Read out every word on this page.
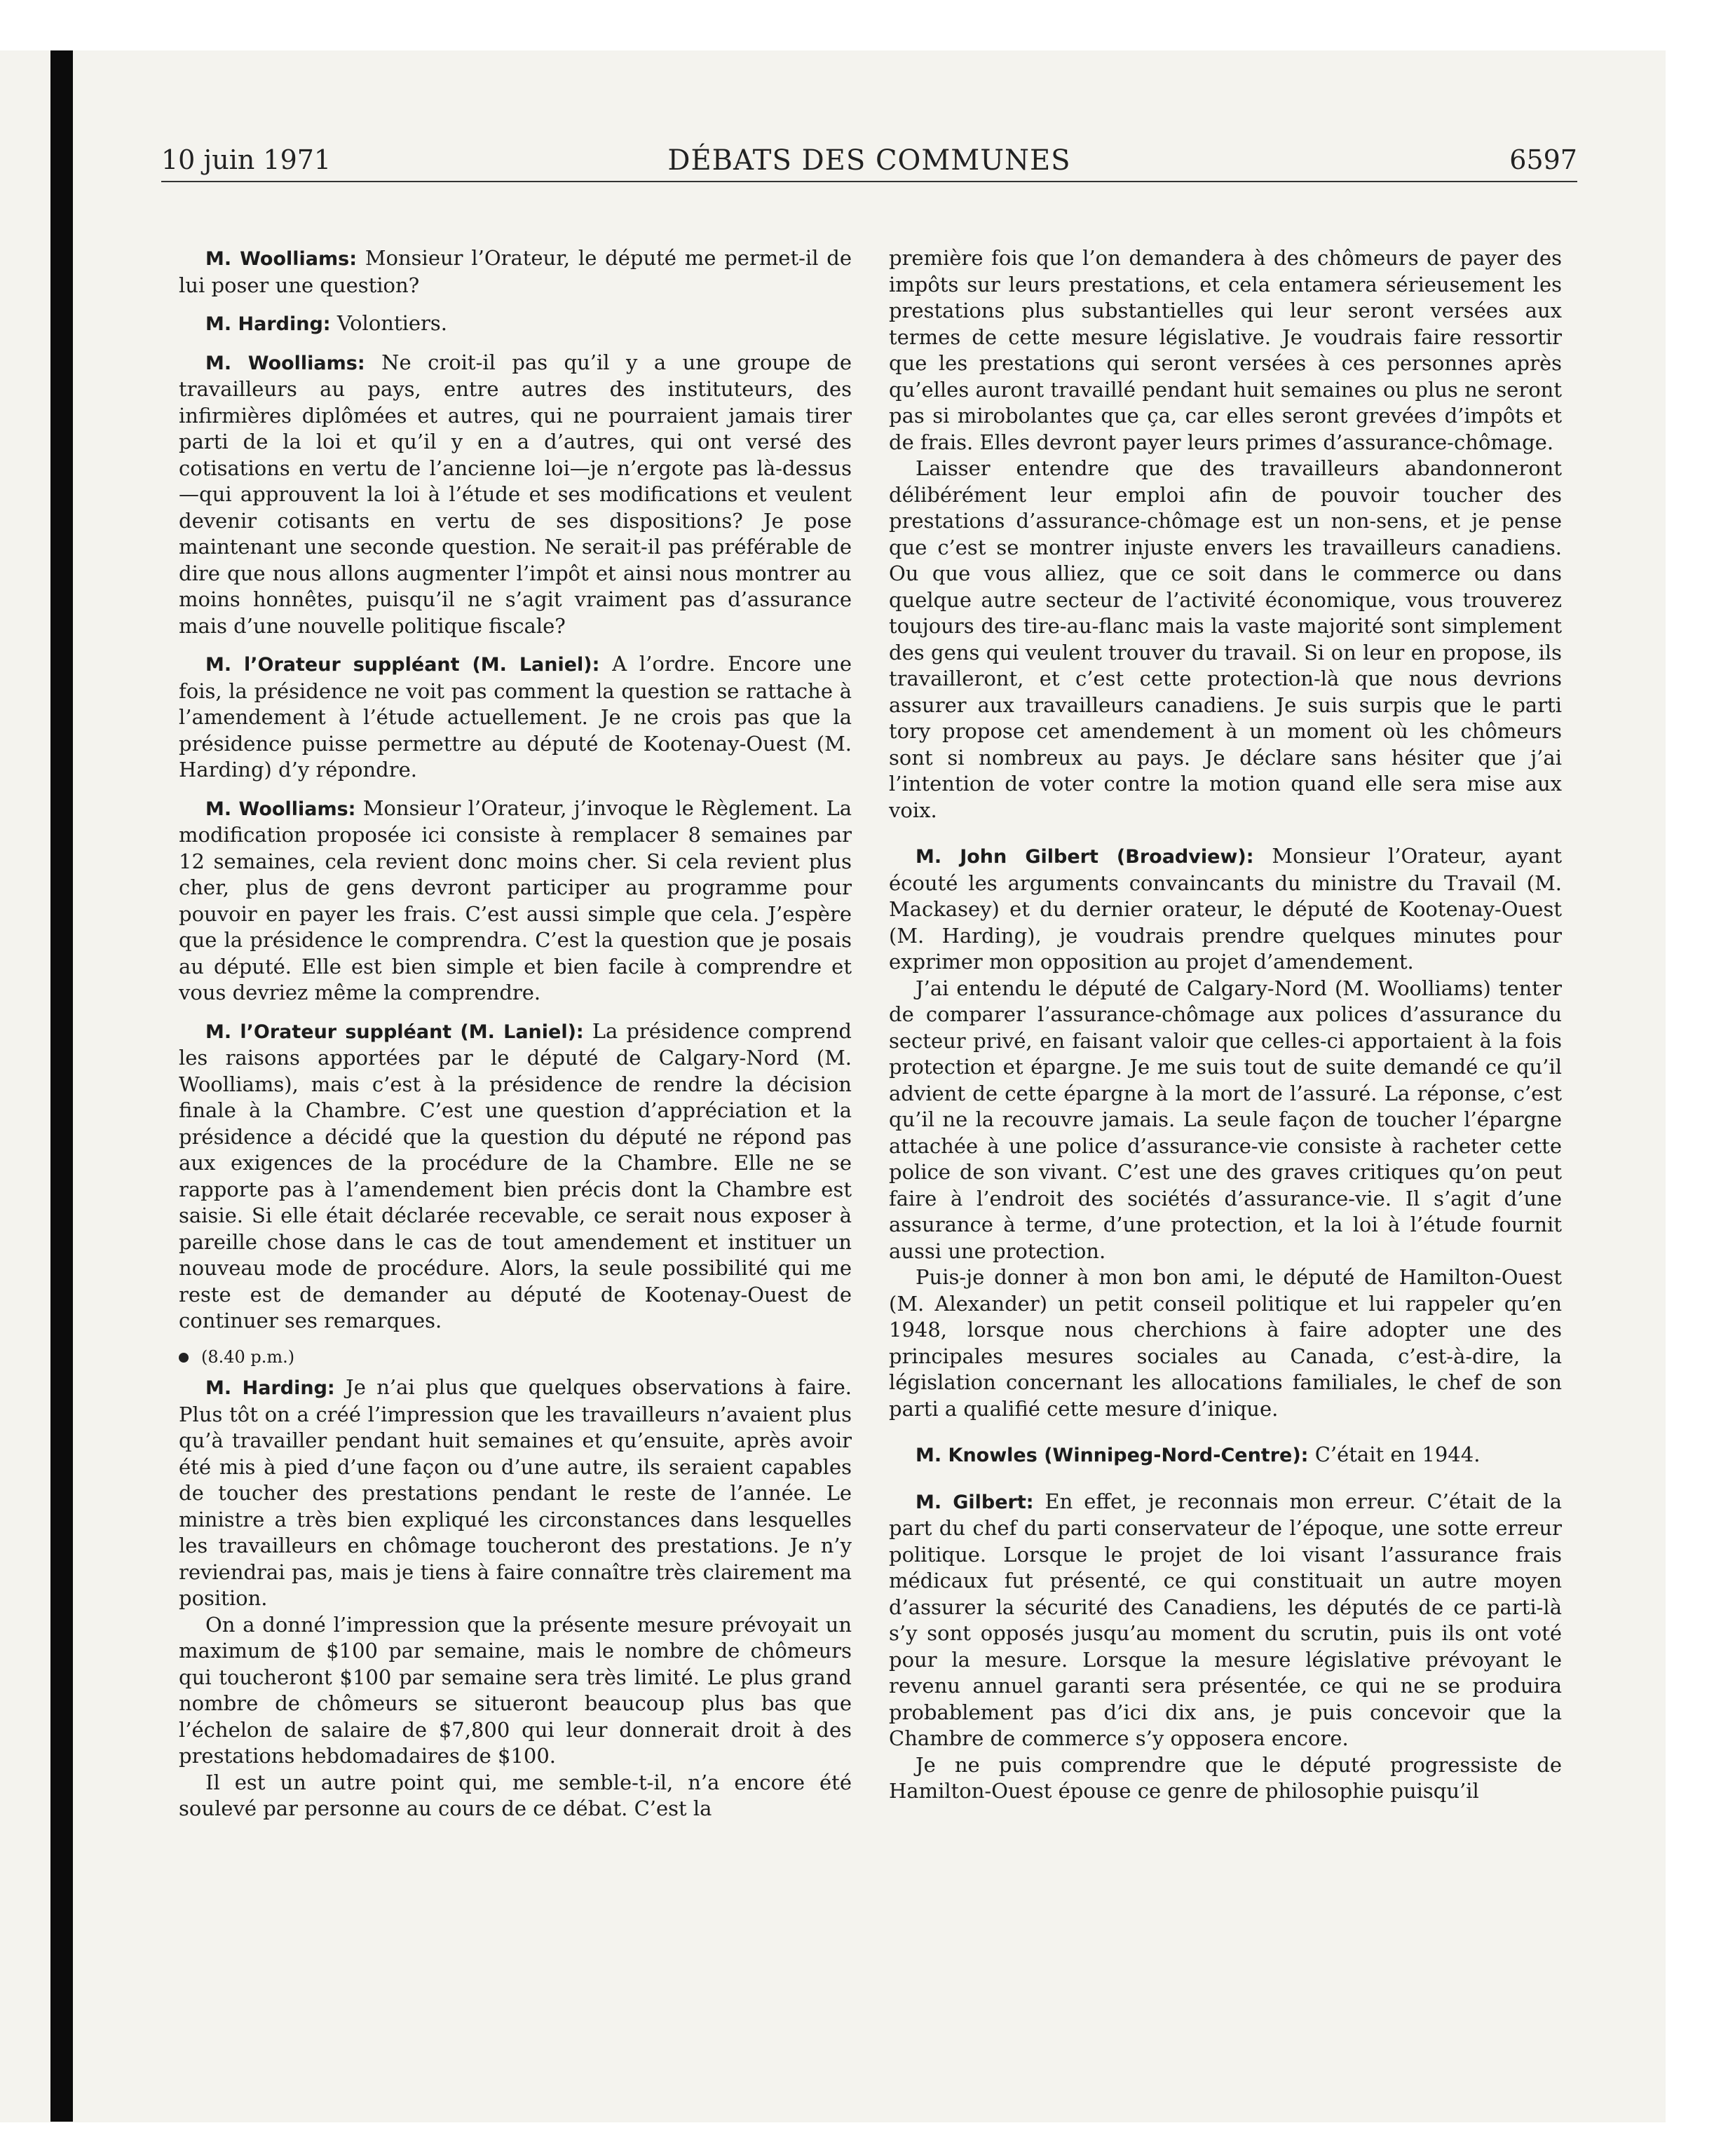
10 juin 1971	DÉBATS DES COMMUNES	6597

M. Woolliams: Monsieur l’Orateur, le député me permet-il de lui poser une question?

M. Harding: Volontiers.

M. Woolliams: Ne croit-il pas qu’il y a une groupe de travailleurs au pays, entre autres des instituteurs, des infirmières diplômées et autres, qui ne pourraient jamais tirer parti de la loi et qu’il y en a d’autres, qui ont versé des cotisations en vertu de l’ancienne loi—je n’ergote pas là-dessus—qui approuvent la loi à l’étude et ses modifications et veulent devenir cotisants en vertu de ses dispositions? Je pose maintenant une seconde question. Ne serait-il pas préférable de dire que nous allons augmenter l’impôt et ainsi nous montrer au moins honnêtes, puisqu’il ne s’agit vraiment pas d’assurance mais d’une nouvelle politique fiscale?

M. l’Orateur suppléant (M. Laniel): A l’ordre. Encore une fois, la présidence ne voit pas comment la question se rattache à l’amendement à l’étude actuellement. Je ne crois pas que la présidence puisse permettre au député de Kootenay-Ouest (M. Harding) d’y répondre.

M. Woolliams: Monsieur l’Orateur, j’invoque le Règlement. La modification proposée ici consiste à remplacer 8 semaines par 12 semaines, cela revient donc moins cher. Si cela revient plus cher, plus de gens devront participer au programme pour pouvoir en payer les frais. C’est aussi simple que cela. J’espère que la présidence le comprendra. C’est la question que je posais au député. Elle est bien simple et bien facile à comprendre et vous devriez même la comprendre.

M. l’Orateur suppléant (M. Laniel): La présidence comprend les raisons apportées par le député de Calgary-Nord (M. Woolliams), mais c’est à la présidence de rendre la décision finale à la Chambre. C’est une question d’appréciation et la présidence a décidé que la question du député ne répond pas aux exigences de la procédure de la Chambre. Elle ne se rapporte pas à l’amendement bien précis dont la Chambre est saisie. Si elle était déclarée recevable, ce serait nous exposer à pareille chose dans le cas de tout amendement et instituer un nouveau mode de procédure. Alors, la seule possibilité qui me reste est de demander au député de Kootenay-Ouest de continuer ses remarques.

(8.40 p.m.)

M. Harding: Je n’ai plus que quelques observations à faire. Plus tôt on a créé l’impression que les travailleurs n’avaient plus qu’à travailler pendant huit semaines et qu’ensuite, après avoir été mis à pied d’une façon ou d’une autre, ils seraient capables de toucher des prestations pendant le reste de l’année. Le ministre a très bien expliqué les circonstances dans lesquelles les travailleurs en chômage toucheront des prestations. Je n’y reviendrai pas, mais je tiens à faire connaître très clairement ma position.

On a donné l’impression que la présente mesure prévoyait un maximum de $100 par semaine, mais le nombre de chômeurs qui toucheront $100 par semaine sera très limité. Le plus grand nombre de chômeurs se situeront beaucoup plus bas que l’échelon de salaire de $7,800 qui leur donnerait droit à des prestations hebdomadaires de $100.

Il est un autre point qui, me semble-t-il, n’a encore été soulevé par personne au cours de ce débat. C’est la

première fois que l’on demandera à des chômeurs de payer des impôts sur leurs prestations, et cela entamera sérieusement les prestations plus substantielles qui leur seront versées aux termes de cette mesure législative. Je voudrais faire ressortir que les prestations qui seront versées à ces personnes après qu’elles auront travaillé pendant huit semaines ou plus ne seront pas si mirobolantes que ça, car elles seront grevées d’impôts et de frais. Elles devront payer leurs primes d’assurance-chômage.

Laisser entendre que des travailleurs abandonneront délibérément leur emploi afin de pouvoir toucher des prestations d’assurance-chômage est un non-sens, et je pense que c’est se montrer injuste envers les travailleurs canadiens. Ou que vous alliez, que ce soit dans le commerce ou dans quelque autre secteur de l’activité économique, vous trouverez toujours des tire-au-flanc mais la vaste majorité sont simplement des gens qui veulent trouver du travail. Si on leur en propose, ils travailleront, et c’est cette protection-là que nous devrions assurer aux travailleurs canadiens. Je suis surpis que le parti tory propose cet amendement à un moment où les chômeurs sont si nombreux au pays. Je déclare sans hésiter que j’ai l’intention de voter contre la motion quand elle sera mise aux voix.

M. John Gilbert (Broadview): Monsieur l’Orateur, ayant écouté les arguments convaincants du ministre du Travail (M. Mackasey) et du dernier orateur, le député de Kootenay-Ouest (M. Harding), je voudrais prendre quelques minutes pour exprimer mon opposition au projet d’amendement.

J’ai entendu le député de Calgary-Nord (M. Woolliams) tenter de comparer l’assurance-chômage aux polices d’assurance du secteur privé, en faisant valoir que celles-ci apportaient à la fois protection et épargne. Je me suis tout de suite demandé ce qu’il advient de cette épargne à la mort de l’assuré. La réponse, c’est qu’il ne la recouvre jamais. La seule façon de toucher l’épargne attachée à une police d’assurance-vie consiste à racheter cette police de son vivant. C’est une des graves critiques qu’on peut faire à l’endroit des sociétés d’assurance-vie. Il s’agit d’une assurance à terme, d’une protection, et la loi à l’étude fournit aussi une protection.

Puis-je donner à mon bon ami, le député de Hamilton-Ouest (M. Alexander) un petit conseil politique et lui rappeler qu’en 1948, lorsque nous cherchions à faire adopter une des principales mesures sociales au Canada, c’est-à-dire, la législation concernant les allocations familiales, le chef de son parti a qualifié cette mesure d’inique.

M. Knowles (Winnipeg-Nord-Centre): C’était en 1944.

M. Gilbert: En effet, je reconnais mon erreur. C’était de la part du chef du parti conservateur de l’époque, une sotte erreur politique. Lorsque le projet de loi visant l’assurance frais médicaux fut présenté, ce qui constituait un autre moyen d’assurer la sécurité des Canadiens, les députés de ce parti-là s’y sont opposés jusqu’au moment du scrutin, puis ils ont voté pour la mesure. Lorsque la mesure législative prévoyant le revenu annuel garanti sera présentée, ce qui ne se produira probablement pas d’ici dix ans, je puis concevoir que la Chambre de commerce s’y opposera encore.

Je ne puis comprendre que le député progressiste de Hamilton-Ouest épouse ce genre de philosophie puisqu’il
